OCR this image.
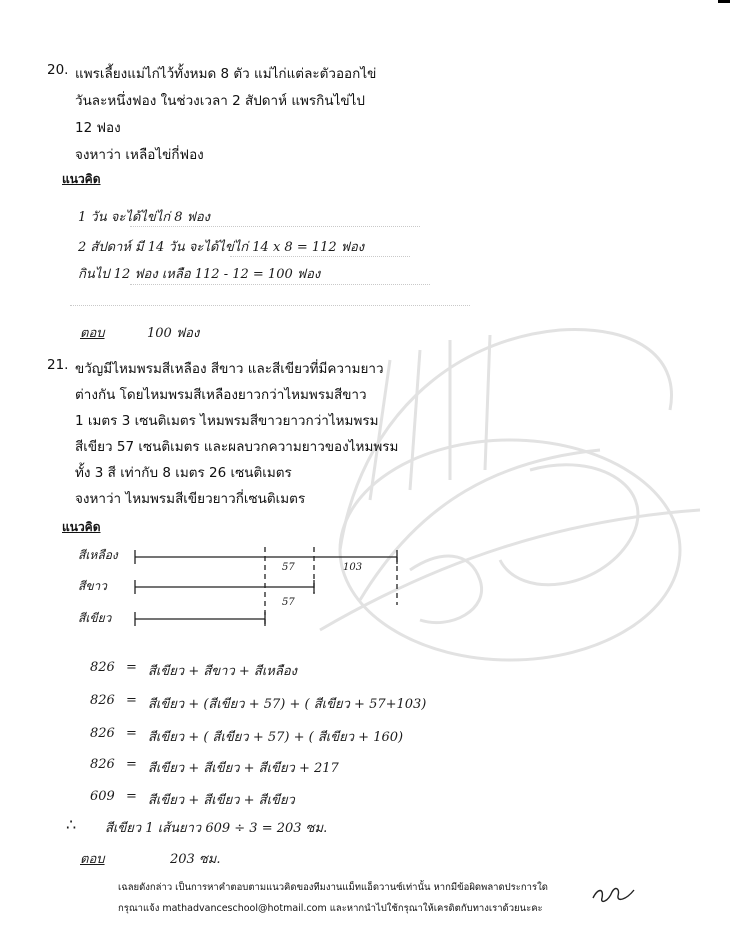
20. แพรเลี้ยงแม่ไก่ไว้ทั้งหมด 8 ตัว แม่ไก่แต่ละตัวออกไข่
วันละหนึ่งฟอง ในช่วงเวลา 2 สัปดาห์ แพรกินไข่ไป
12 ฟอง
จงหาว่า เหลือไข่กี่ฟอง
แนวคิด
1 วัน จะได้ไข่ไก่ 8 ฟอง
2 สัปดาห์ มี 14 วัน จะได้ไข่ไก่ 14 x 8 = 112 ฟอง
กินไป 12 ฟอง เหลือ 112 - 12 = 100 ฟอง
ตอบ	100 ฟอง
21. ขวัญมีไหมพรมสีเหลือง สีขาว และสีเขียวที่มีความยาว
ต่างกัน โดยไหมพรมสีเหลืองยาวกว่าไหมพรมสีขาว
1 เมตร 3 เซนติเมตร ไหมพรมสีขาวยาวกว่าไหมพรม
สีเขียว 57 เซนติเมตร และผลบวกความยาวของไหมพรม
ทั้ง 3 สี เท่ากับ 8 เมตร 26 เซนติเมตร
จงหาว่า ไหมพรมสีเขียวยาวกี่เซนติเมตร
แนวคิด
สีเหลือง
สีขาว
สีเขียว
57	103
57
826 = สีเขียว + สีขาว + สีเหลือง
826 = สีเขียว + (สีเขียว + 57) + ( สีเขียว + 57+103)
826 = สีเขียว + ( สีเขียว + 57) + ( สีเขียว + 160)
826 = สีเขียว + สีเขียว + สีเขียว + 217
609 = สีเขียว + สีเขียว + สีเขียว
∴ สีเขียว 1 เส้นยาว 609 ÷ 3 = 203 ซม.
ตอบ	203 ซม.
เฉลยดังกล่าว เป็นการหาคำตอบตามแนวคิดของทีมงานแม็ทแอ็ดวานซ์เท่านั้น หากมีข้อผิดพลาดประการใด
กรุณาแจ้ง mathadvanceschool@hotmail.com และหากนำไปใช้กรุณาให้เครดิตกับทางเราด้วยนะคะ
